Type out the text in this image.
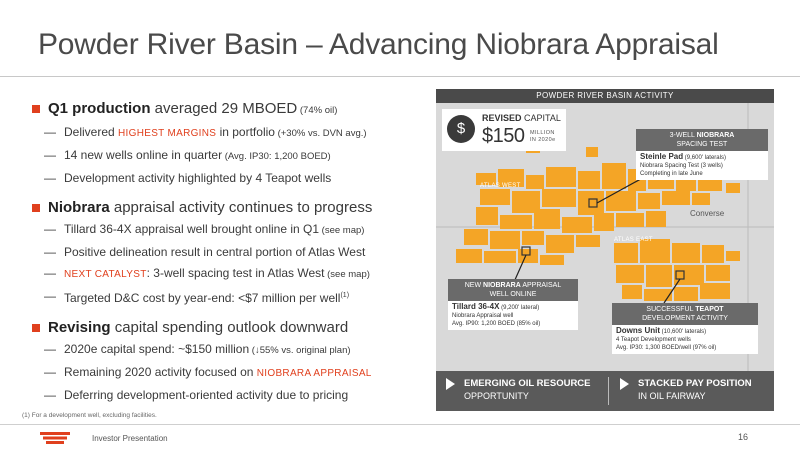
Powder River Basin – Advancing Niobrara Appraisal
Q1 production averaged 29 MBOED (74% oil)
— Delivered HIGHEST MARGINS in portfolio (+30% vs. DVN avg.)
— 14 new wells online in quarter (Avg. IP30: 1,200 BOED)
— Development activity highlighted by 4 Teapot wells
Niobrara appraisal activity continues to progress
— Tillard 36-4X appraisal well brought online in Q1 (see map)
— Positive delineation result in central portion of Atlas West
— NEXT CATALYST: 3-well spacing test in Atlas West (see map)
— Targeted D&C cost by year-end: <$7 million per well$^{(1)}$
Revising capital spending outlook downward
— 2020e capital spend: ~$150 million (↓55% vs. original plan)
— Remaining 2020 activity focused on NIOBRARA APPRAISAL
— Deferring development-oriented activity due to pricing
POWDER RIVER BASIN ACTIVITY
ATLAS WEST
ATLAS EAST
Converse
$
REVISED CAPITAL
$150 MILLION
IN 2020e
3-WELL NIOBRARA
SPACING TEST
Steinle Pad (9,600' laterals)
Niobrara Spacing Test (3 wells)
Completing in late June
NEW NIOBRARA APPRAISAL
WELL ONLINE
Tillard 36-4X (9,200' lateral)
Niobrara Appraisal well
Avg. IP90: 1,200 BOED (85% oil)
SUCCESSFUL TEAPOT
DEVELOPMENT ACTIVITY
Downs Unit (10,600' laterals)
4 Teapot Development wells
Avg. IP30: 1,300 BOED/well (97% oil)
EMERGING OIL RESOURCE
OPPORTUNITY
STACKED PAY POSITION
IN OIL FAIRWAY
(1) For a development well, excluding facilities.
Investor Presentation	16
